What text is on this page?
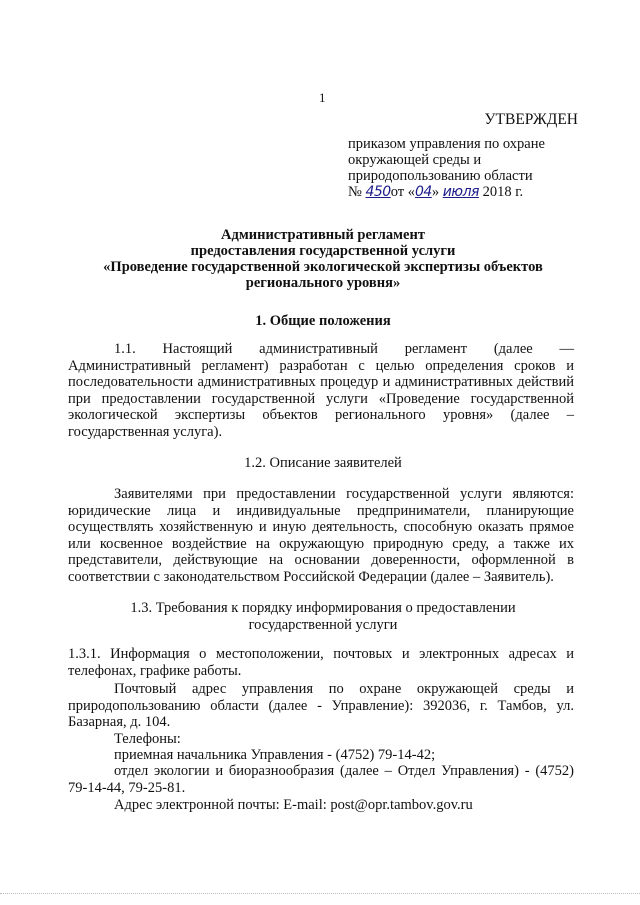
1
УТВЕРЖДЕН
приказом управления по охране
окружающей среды и
природопользованию области
№ 450от «04» июля 2018 г.
Административный регламент
предоставления государственной услуги
«Проведение государственной экологической экспертизы объектов
регионального уровня»
1. Общие положения
1.1. Настоящий административный регламент (далее — Административный регламент) разработан с целью определения сроков и последовательности административных процедур и административных действий при предоставлении государственной услуги «Проведение государственной экологической экспертизы объектов регионального уровня» (далее – государственная услуга).
1.2. Описание заявителей
Заявителями при предоставлении государственной услуги являются: юридические лица и индивидуальные предприниматели, планирующие осуществлять хозяйственную и иную деятельность, способную оказать прямое или косвенное воздействие на окружающую природную среду, а также их представители, действующие на основании доверенности, оформленной в соответствии с законодательством Российской Федерации (далее – Заявитель).
1.3. Требования к порядку информирования о предоставлении
государственной услуги
1.3.1. Информация о местоположении, почтовых и электронных адресах и телефонах, графике работы.
Почтовый адрес управления по охране окружающей среды и природопользованию области (далее - Управление): 392036, г. Тамбов, ул. Базарная, д. 104.
Телефоны:
приемная начальника Управления - (4752) 79-14-42;
отдел экологии и биоразнообразия (далее – Отдел Управления) - (4752) 79-14-44, 79-25-81.
Адрес электронной почты: E-mail: post@opr.tambov.gov.ru
